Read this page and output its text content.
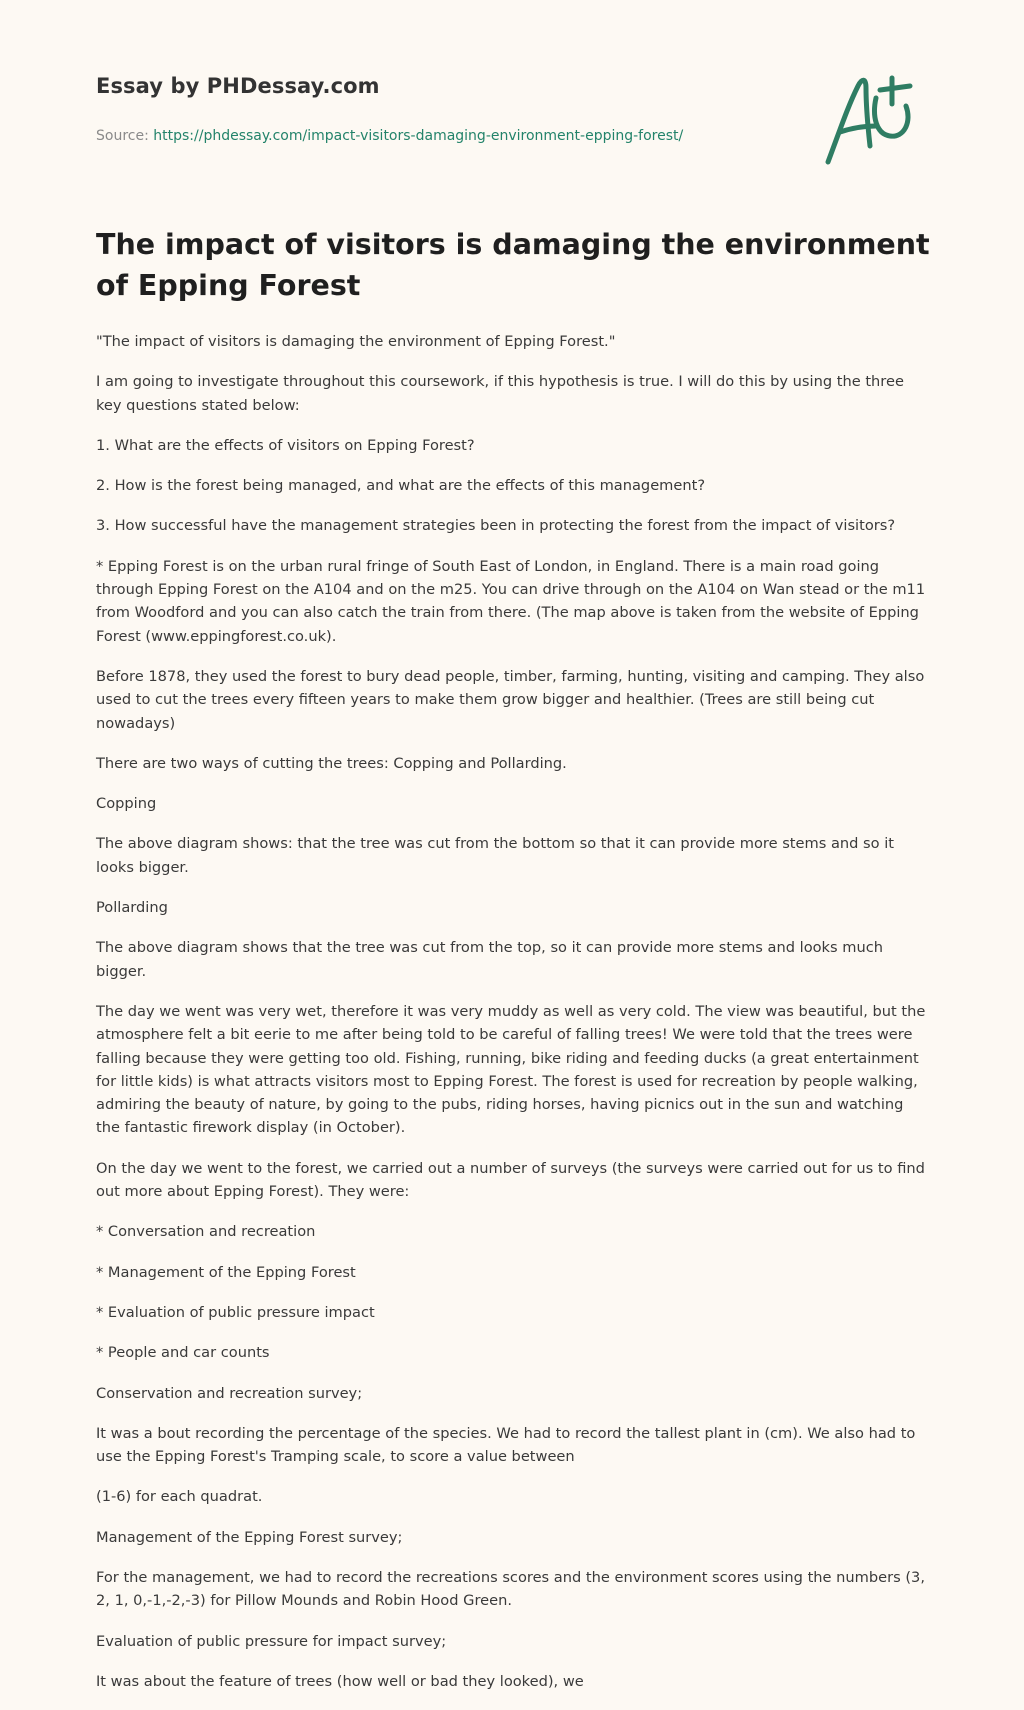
Essay by PHDessay.com
Source: https://phdessay.com/impact-visitors-damaging-environment-epping-forest/
The impact of visitors is damaging the environment of Epping Forest

"The impact of visitors is damaging the environment of Epping Forest."

I am going to investigate throughout this coursework, if this hypothesis is true. I will do this by using the three key questions stated below:

1. What are the effects of visitors on Epping Forest?

2. How is the forest being managed, and what are the effects of this management?

3. How successful have the management strategies been in protecting the forest from the impact of visitors?

* Epping Forest is on the urban rural fringe of South East of London, in England. There is a main road going through Epping Forest on the A104 and on the m25. You can drive through on the A104 on Wan stead or the m11 from Woodford and you can also catch the train from there. (The map above is taken from the website of Epping Forest (www.eppingforest.co.uk).

Before 1878, they used the forest to bury dead people, timber, farming, hunting, visiting and camping. They also used to cut the trees every fifteen years to make them grow bigger and healthier. (Trees are still being cut nowadays)

There are two ways of cutting the trees: Copping and Pollarding.

Copping

The above diagram shows: that the tree was cut from the bottom so that it can provide more stems and so it looks bigger.

Pollarding

The above diagram shows that the tree was cut from the top, so it can provide more stems and looks much bigger.

The day we went was very wet, therefore it was very muddy as well as very cold. The view was beautiful, but the atmosphere felt a bit eerie to me after being told to be careful of falling trees! We were told that the trees were falling because they were getting too old. Fishing, running, bike riding and feeding ducks (a great entertainment for little kids) is what attracts visitors most to Epping Forest. The forest is used for recreation by people walking, admiring the beauty of nature, by going to the pubs, riding horses, having picnics out in the sun and watching the fantastic firework display (in October).

On the day we went to the forest, we carried out a number of surveys (the surveys were carried out for us to find out more about Epping Forest). They were:

* Conversation and recreation

* Management of the Epping Forest

* Evaluation of public pressure impact

* People and car counts

Conservation and recreation survey;

It was a bout recording the percentage of the species. We had to record the tallest plant in (cm). We also had to use the Epping Forest's Tramping scale, to score a value between

(1-6) for each quadrat.

Management of the Epping Forest survey;

For the management, we had to record the recreations scores and the environment scores using the numbers (3, 2, 1, 0,-1,-2,-3) for Pillow Mounds and Robin Hood Green.

Evaluation of public pressure for impact survey;

It was about the feature of trees (how well or bad they looked), we
